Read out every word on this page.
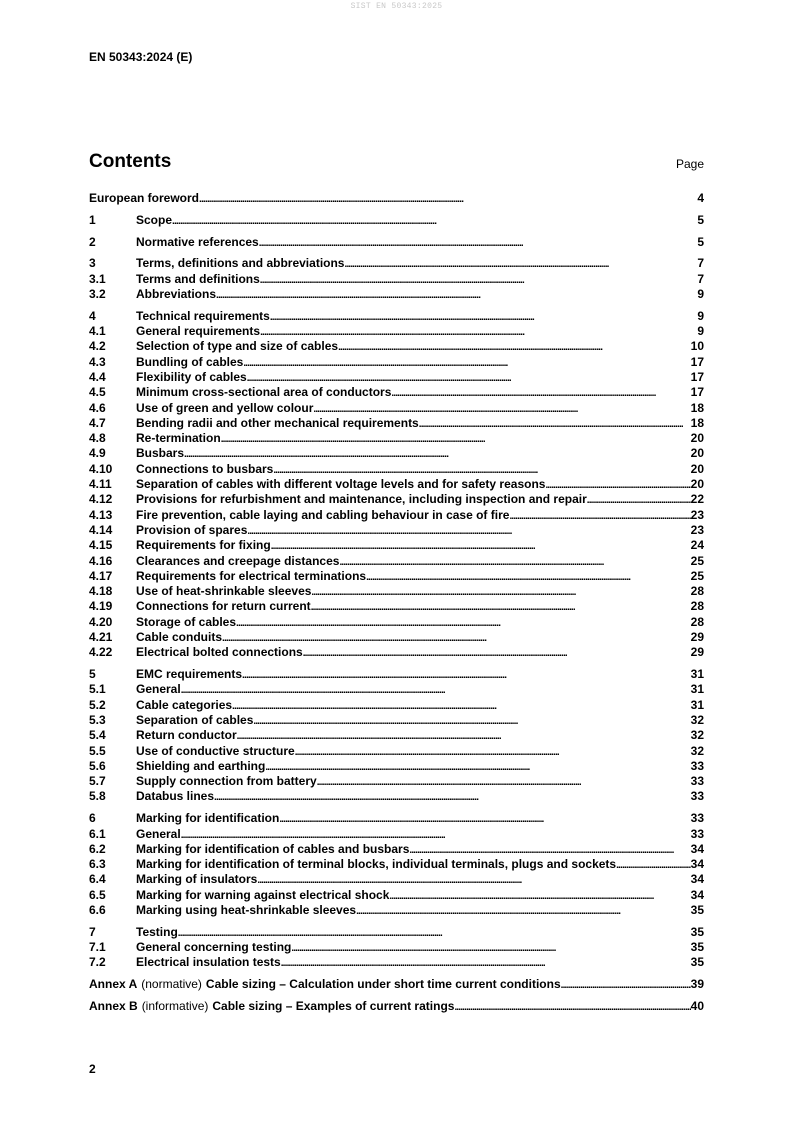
SIST EN 50343:2025
EN 50343:2024 (E)
Contents	Page
European foreword . . .	4
1	Scope . . .	5
2	Normative references . . .	5
3	Terms, definitions and abbreviations . . .	7
3.1	Terms and definitions . . .	7
3.2	Abbreviations . . .	9
4	Technical requirements . . .	9
4.1	General requirements . . .	9
4.2	Selection of type and size of cables . . .	10
4.3	Bundling of cables . . .	17
4.4	Flexibility of cables . . .	17
4.5	Minimum cross-sectional area of conductors . . .	17
4.6	Use of green and yellow colour . . .	18
4.7	Bending radii and other mechanical requirements . . .	18
4.8	Re-termination . . .	20
4.9	Busbars . . .	20
4.10	Connections to busbars . . .	20
4.11	Separation of cables with different voltage levels and for safety reasons . . .	20
4.12	Provisions for refurbishment and maintenance, including inspection and repair . . .	22
4.13	Fire prevention, cable laying and cabling behaviour in case of fire . . .	23
4.14	Provision of spares . . .	23
4.15	Requirements for fixing . . .	24
4.16	Clearances and creepage distances . . .	25
4.17	Requirements for electrical terminations . . .	25
4.18	Use of heat-shrinkable sleeves . . .	28
4.19	Connections for return current . . .	28
4.20	Storage of cables . . .	28
4.21	Cable conduits . . .	29
4.22	Electrical bolted connections . . .	29
5	EMC requirements . . .	31
5.1	General . . .	31
5.2	Cable categories . . .	31
5.3	Separation of cables . . .	32
5.4	Return conductor . . .	32
5.5	Use of conductive structure . . .	32
5.6	Shielding and earthing . . .	33
5.7	Supply connection from battery . . .	33
5.8	Databus lines . . .	33
6	Marking for identification . . .	33
6.1	General . . .	33
6.2	Marking for identification of cables and busbars . . .	34
6.3	Marking for identification of terminal blocks, individual terminals, plugs and sockets . . .	34
6.4	Marking of insulators . . .	34
6.5	Marking for warning against electrical shock . . .	34
6.6	Marking using heat-shrinkable sleeves . . .	35
7	Testing . . .	35
7.1	General concerning testing . . .	35
7.2	Electrical insulation tests . . .	35
Annex A (normative) Cable sizing – Calculation under short time current conditions . . .	39
Annex B (informative) Cable sizing – Examples of current ratings . . .	40
2
